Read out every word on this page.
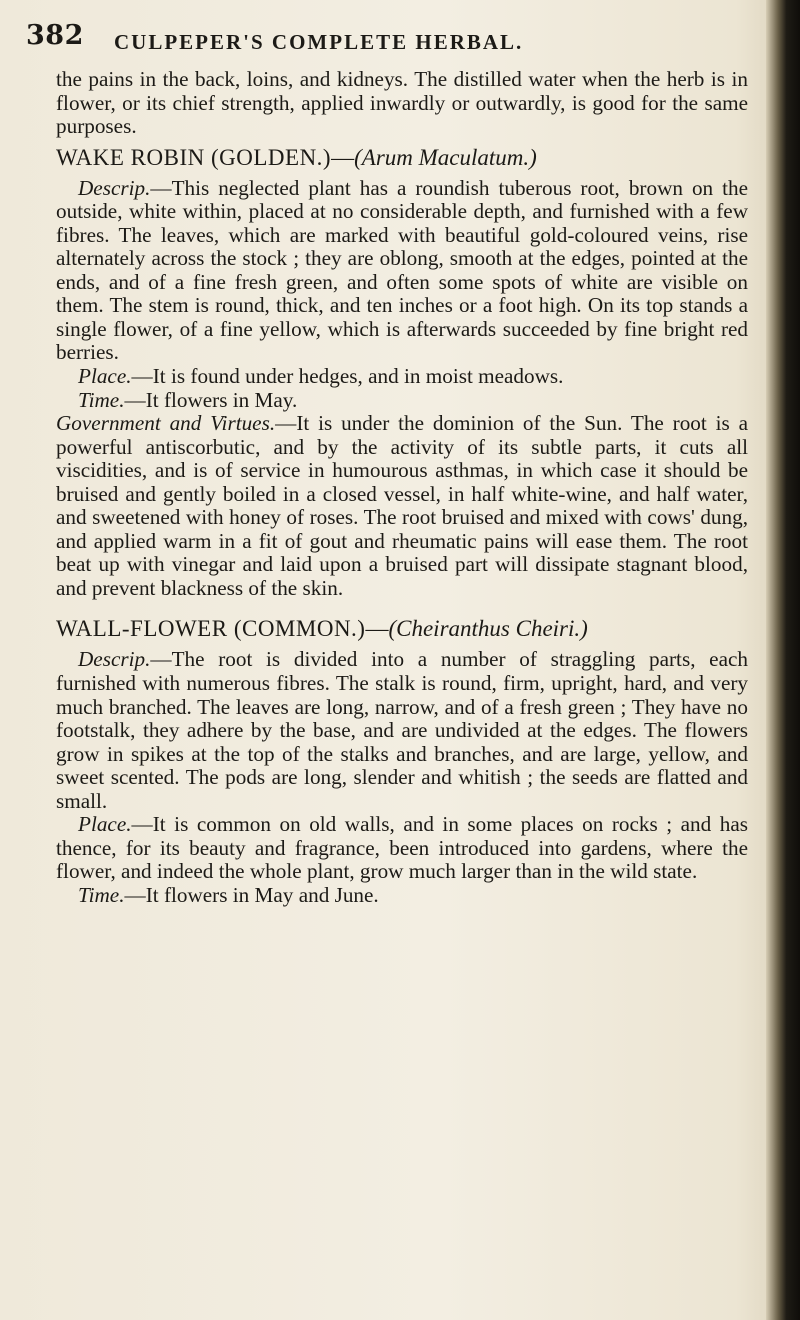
382 CULPEPER'S COMPLETE HERBAL.

the pains in the back, loins, and kidneys. The distilled water when the herb is in flower, or its chief strength, applied inwardly or outwardly, is good for the same purposes.

WAKE ROBIN (GOLDEN.)—(Arum Maculatum.)

Descrip.—This neglected plant has a roundish tuberous root, brown on the outside, white within, placed at no considerable depth, and furnished with a few fibres. The leaves, which are marked with beautiful gold-coloured veins, rise alternately across the stock ; they are oblong, smooth at the edges, pointed at the ends, and of a fine fresh green, and often some spots of white are visible on them. The stem is round, thick, and ten inches or a foot high. On its top stands a single flower, of a fine yellow, which is afterwards succeeded by fine bright red berries.

Place.—It is found under hedges, and in moist meadows.

Time.—It flowers in May.

Government and Virtues.—It is under the dominion of the Sun. The root is a powerful antiscorbutic, and by the activity of its subtle parts, it cuts all viscidities, and is of service in humourous asthmas, in which case it should be bruised and gently boiled in a closed vessel, in half white-wine, and half water, and sweetened with honey of roses. The root bruised and mixed with cows' dung, and applied warm in a fit of gout and rheumatic pains will ease them. The root beat up with vinegar and laid upon a bruised part will dissipate stagnant blood, and prevent blackness of the skin.

WALL-FLOWER (COMMON.)—(Cheiranthus Cheiri.)

Descrip.—The root is divided into a number of straggling parts, each furnished with numerous fibres. The stalk is round, firm, upright, hard, and very much branched. The leaves are long, narrow, and of a fresh green ; They have no footstalk, they adhere by the base, and are undivided at the edges. The flowers grow in spikes at the top of the stalks and branches, and are large, yellow, and sweet scented. The pods are long, slender and whitish ; the seeds are flatted and small.

Place.—It is common on old walls, and in some places on rocks ; and has thence, for its beauty and fragrance, been introduced into gardens, where the flower, and indeed the whole plant, grow much larger than in the wild state.

Time.—It flowers in May and June.
